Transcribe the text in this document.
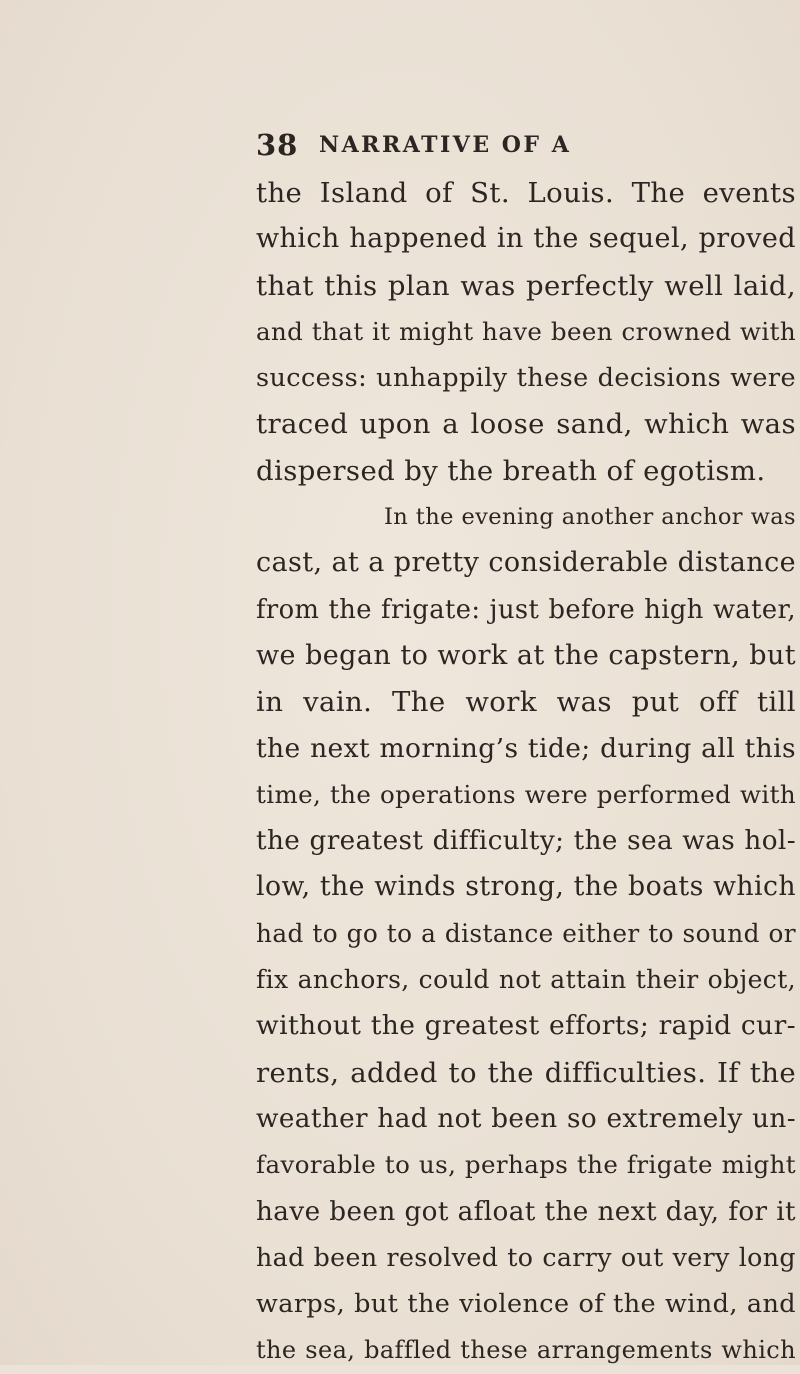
38 NARRATIVE OF A
the Island of St. Louis. The events
which happened in the sequel, proved
that this plan was perfectly well laid,
and that it might have been crowned with
success: unhappily these decisions were
traced upon a loose sand, which was
dispersed by the breath of egotism.
In the evening another anchor was
cast, at a pretty considerable distance
from the frigate: just before high water,
we began to work at the capstern, but
in vain. The work was put off till
the next morning’s tide; during all this
time, the operations were performed with
the greatest difficulty; the sea was hol-
low, the winds strong, the boats which
had to go to a distance either to sound or
fix anchors, could not attain their object,
without the greatest efforts; rapid cur-
rents, added to the difficulties. If the
weather had not been so extremely un-
favorable to us, perhaps the frigate might
have been got afloat the next day, for it
had been resolved to carry out very long
warps, but the violence of the wind, and
the sea, baffled these arrangements which
